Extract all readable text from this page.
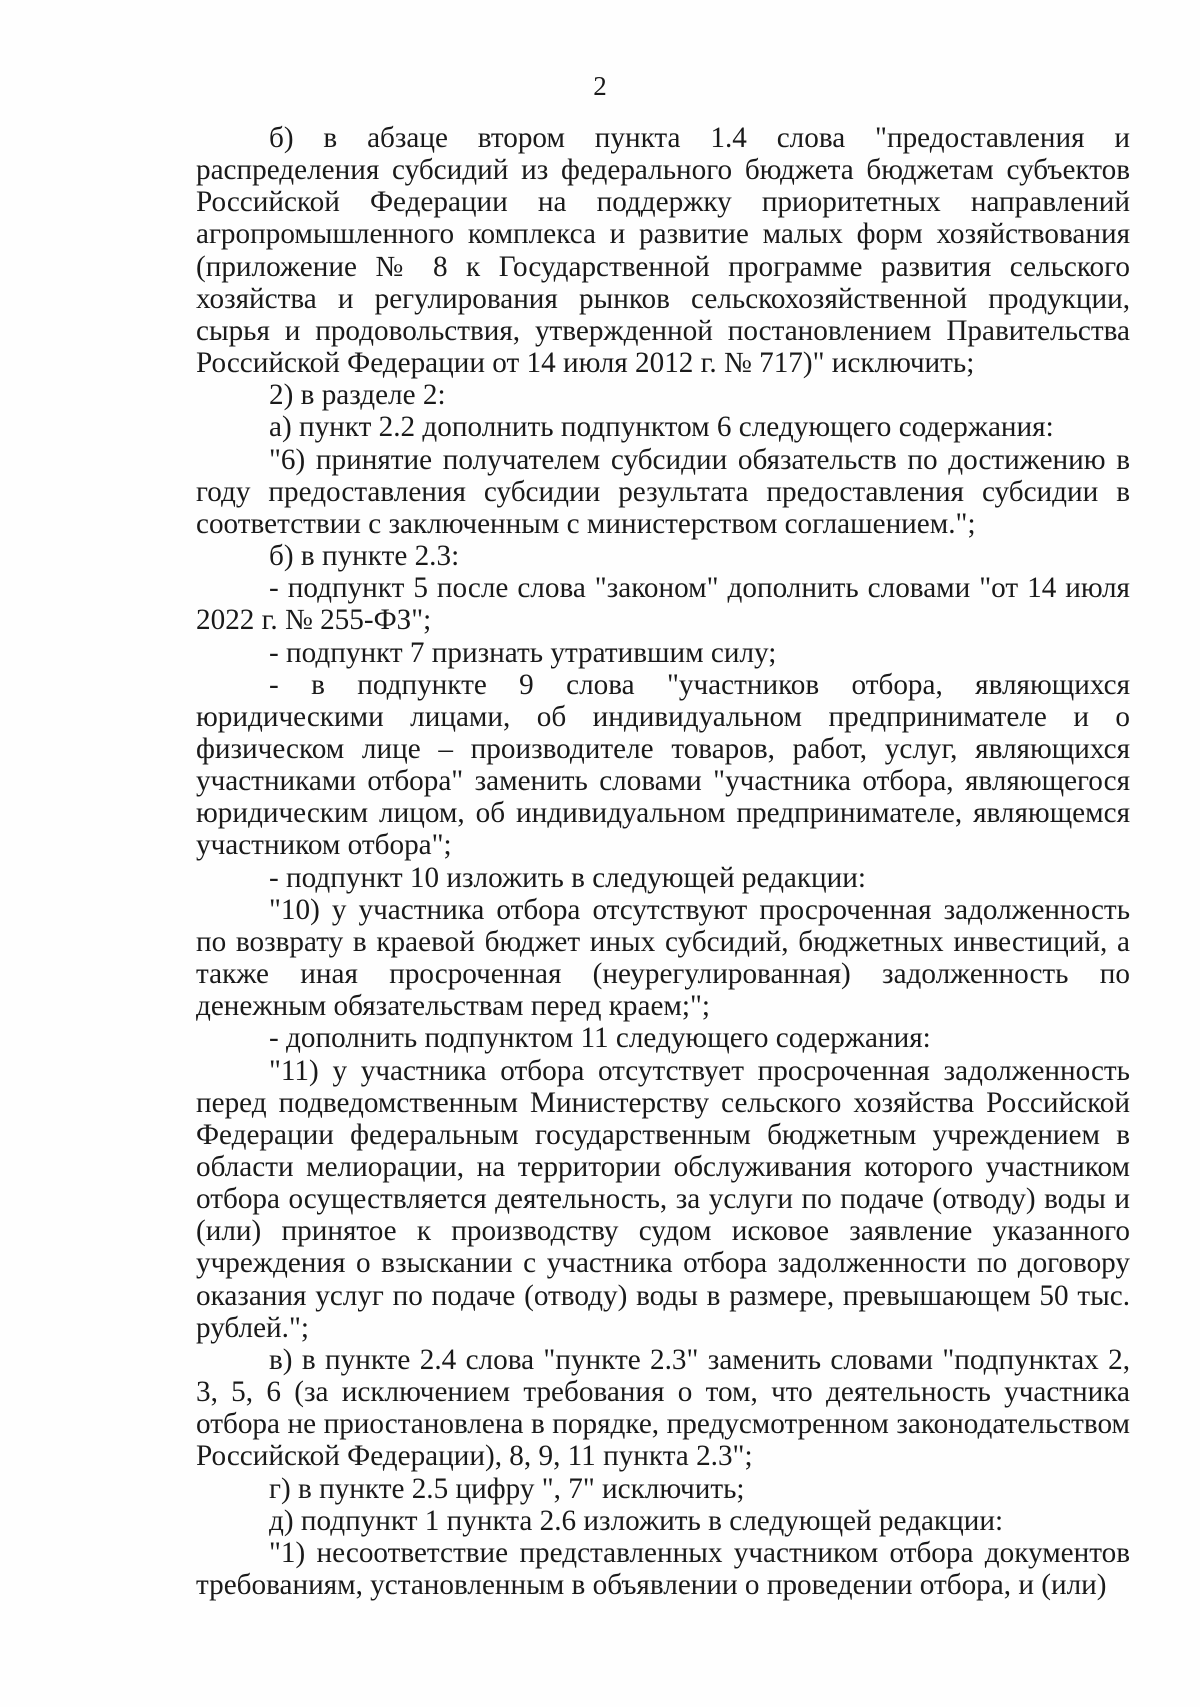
2

б) в абзаце втором пункта 1.4 слова "предоставления и распределения субсидий из федерального бюджета бюджетам субъектов Российской Федерации на поддержку приоритетных направлений агропромышленного комплекса и развитие малых форм хозяйствования (приложение № 8 к Государственной программе развития сельского хозяйства и регулирования рынков сельскохозяйственной продукции, сырья и продовольствия, утвержденной постановлением Правительства Российской Федерации от 14 июля 2012 г. № 717)" исключить;

2) в разделе 2:

а) пункт 2.2 дополнить подпунктом 6 следующего содержания:

"6) принятие получателем субсидии обязательств по достижению в году предоставления субсидии результата предоставления субсидии в соответствии с заключенным с министерством соглашением.";

б) в пункте 2.3:

- подпункт 5 после слова "законом" дополнить словами "от 14 июля 2022 г. № 255-ФЗ";

- подпункт 7 признать утратившим силу;

- в подпункте 9 слова "участников отбора, являющихся юридическими лицами, об индивидуальном предпринимателе и о физическом лице – производителе товаров, работ, услуг, являющихся участниками отбора" заменить словами "участника отбора, являющегося юридическим лицом, об индивидуальном предпринимателе, являющемся участником отбора";

- подпункт 10 изложить в следующей редакции:

"10) у участника отбора отсутствуют просроченная задолженность по возврату в краевой бюджет иных субсидий, бюджетных инвестиций, а также иная просроченная (неурегулированная) задолженность по денежным обязательствам перед краем;";

- дополнить подпунктом 11 следующего содержания:

"11) у участника отбора отсутствует просроченная задолженность перед подведомственным Министерству сельского хозяйства Российской Федерации федеральным государственным бюджетным учреждением в области мелиорации, на территории обслуживания которого участником отбора осуществляется деятельность, за услуги по подаче (отводу) воды и (или) принятое к производству судом исковое заявление указанного учреждения о взыскании с участника отбора задолженности по договору оказания услуг по подаче (отводу) воды в размере, превышающем 50 тыс. рублей.";

в) в пункте 2.4 слова "пункте 2.3" заменить словами "подпунктах 2, 3, 5, 6 (за исключением требования о том, что деятельность участника отбора не приостановлена в порядке, предусмотренном законодательством Российской Федерации), 8, 9, 11 пункта 2.3";

г) в пункте 2.5 цифру ", 7" исключить;

д) подпункт 1 пункта 2.6 изложить в следующей редакции:

"1) несоответствие представленных участником отбора документов требованиям, установленным в объявлении о проведении отбора, и (или)
